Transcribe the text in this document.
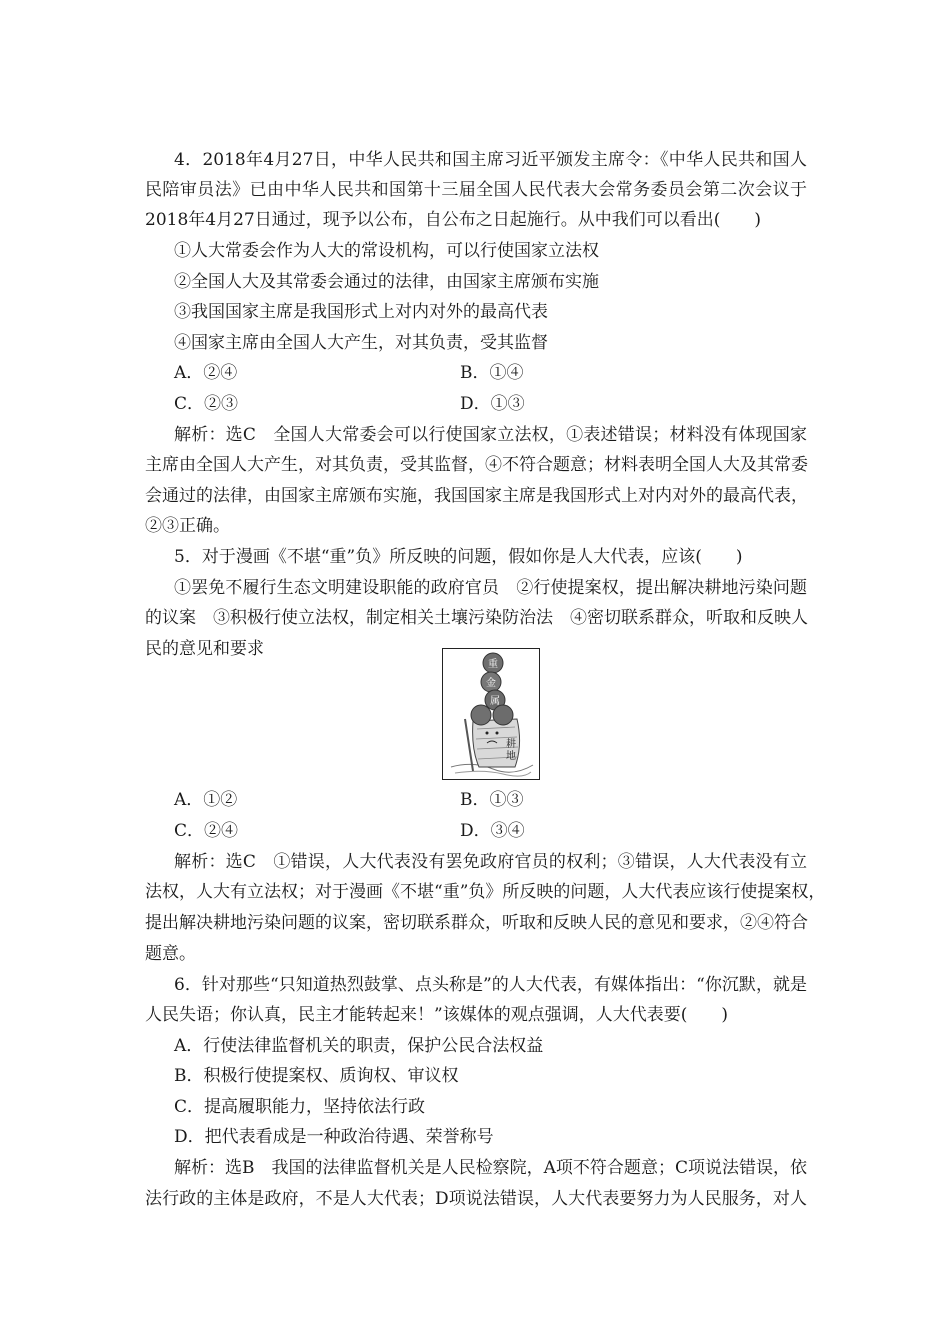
4．2018年4月27日，中华人民共和国主席习近平颁发主席令：《中华人民共和国人
民陪审员法》已由中华人民共和国第十三届全国人民代表大会常务委员会第二次会议于
2018年4月27日通过，现予以公布，自公布之日起施行。从中我们可以看出(　　)
①人大常委会作为人大的常设机构，可以行使国家立法权
②全国人大及其常委会通过的法律，由国家主席颁布实施
③我国国家主席是我国形式上对内对外的最高代表
④国家主席由全国人大产生，对其负责，受其监督
A．②④	B．①④
C．②③	D．①③
解析：选C　全国人大常委会可以行使国家立法权，①表述错误；材料没有体现国家
主席由全国人大产生，对其负责，受其监督，④不符合题意；材料表明全国人大及其常委
会通过的法律，由国家主席颁布实施，我国国家主席是我国形式上对内对外的最高代表，
②③正确。
5．对于漫画《不堪“重”负》所反映的问题，假如你是人大代表，应该(　　)
①罢免不履行生态文明建设职能的政府官员　②行使提案权，提出解决耕地污染问题
的议案　③积极行使立法权，制定相关土壤污染防治法　④密切联系群众，听取和反映人
民的意见和要求
重
金
属
耕
地
A．①②	B．①③
C．②④	D．③④
解析：选C　①错误，人大代表没有罢免政府官员的权利；③错误，人大代表没有立
法权，人大有立法权；对于漫画《不堪“重”负》所反映的问题，人大代表应该行使提案权，
提出解决耕地污染问题的议案，密切联系群众，听取和反映人民的意见和要求，②④符合
题意。
6．针对那些“只知道热烈鼓掌、点头称是”的人大代表，有媒体指出：“你沉默，就是
人民失语；你认真，民主才能转起来！”该媒体的观点强调，人大代表要(　　)
A．行使法律监督机关的职责，保护公民合法权益
B．积极行使提案权、质询权、审议权
C．提高履职能力，坚持依法行政
D．把代表看成是一种政治待遇、荣誉称号
解析：选B　我国的法律监督机关是人民检察院，A项不符合题意；C项说法错误，依
法行政的主体是政府，不是人大代表；D项说法错误，人大代表要努力为人民服务，对人
